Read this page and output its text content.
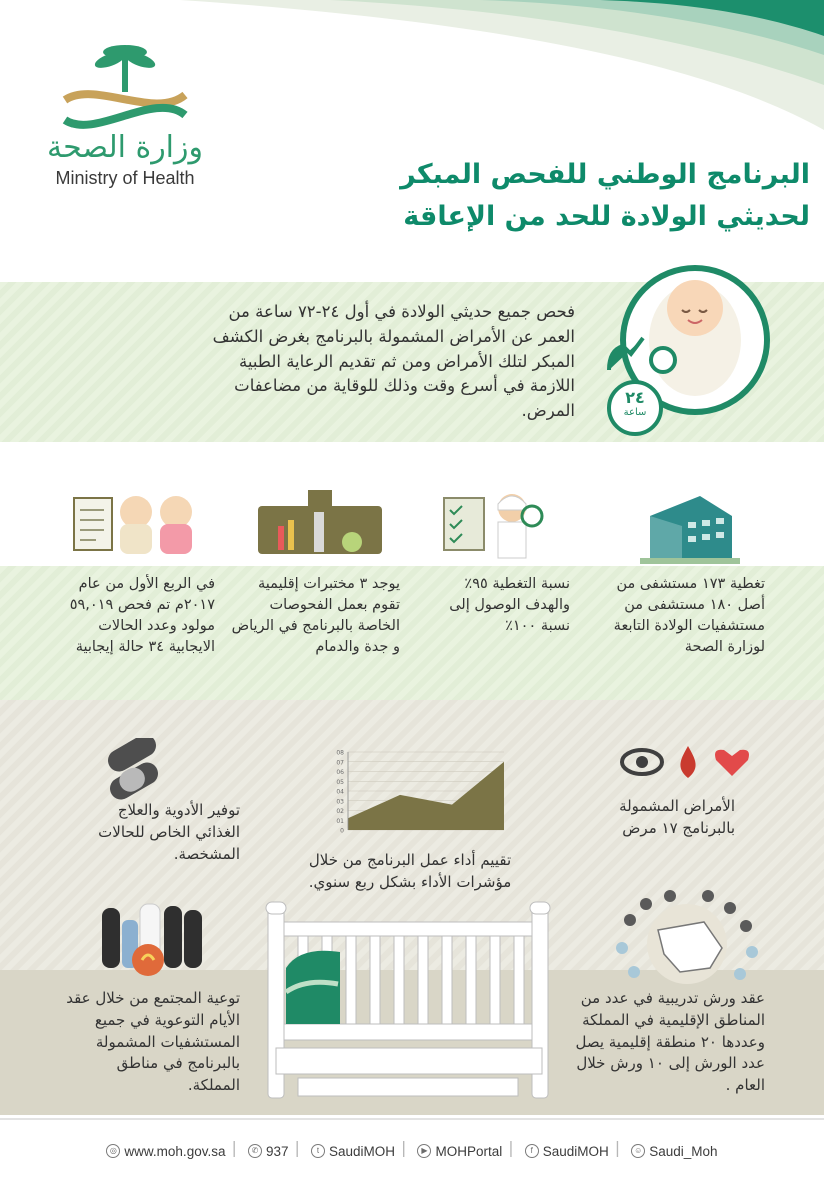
وزارة الصحة
Ministry of Health	البرنامج الوطني للفحص المبكر
لحديثي الولادة للحد من الإعاقة
فحص جميع حديثي الولادة في أول ٢٤-٧٢ ساعة من العمر عن الأمراض المشمولة بالبرنامج بغرض الكشف المبكر لتلك الأمراض ومن ثم تقديم الرعاية الطبية اللازمة في أسرع وقت وذلك للوقاية من مضاعفات المرض.
٢٤
ساعة
تغطية ١٧٣ مستشفى من أصل ١٨٠ مستشفى من مستشفيات الولادة التابعة لوزارة الصحة
نسبة التغطية ٩٥٪ والهدف الوصول إلى نسبة ١٠٠٪
يوجد ٣ مختبرات إقليمية تقوم بعمل الفحوصات الخاصة بالبرنامج في الرياض و جدة والدمام
في الربع الأول من عام ٢٠١٧م تم فحص ٥٩,٠١٩ مولود وعدد الحالات الايجابية ٣٤ حالة إيجابية
توفير الأدوية والعلاج الغذائي الخاص للحالات المشخصة.
الأمراض المشمولة بالبرنامج ١٧ مرض
تقييم أداء عمل البرنامج من خلال مؤشرات الأداء بشكل ربع سنوي.
0
01
02
03
04
05
06
07
08
توعية المجتمع من خلال عقد الأيام التوعوية في جميع المستشفيات المشمولة بالبرنامج في مناطق المملكة.
عقد ورش تدريبية في عدد من المناطق الإقليمية في المملكة وعددها ٢٠ منطقة إقليمية يصل عدد الورش إلى ١٠ ورش خلال العام .
◎ www.moh.gov.sa |	✆ 937 |	t SaudiMOH |	▶ MOHPortal |	f SaudiMOH |	☺ Saudi_Moh
